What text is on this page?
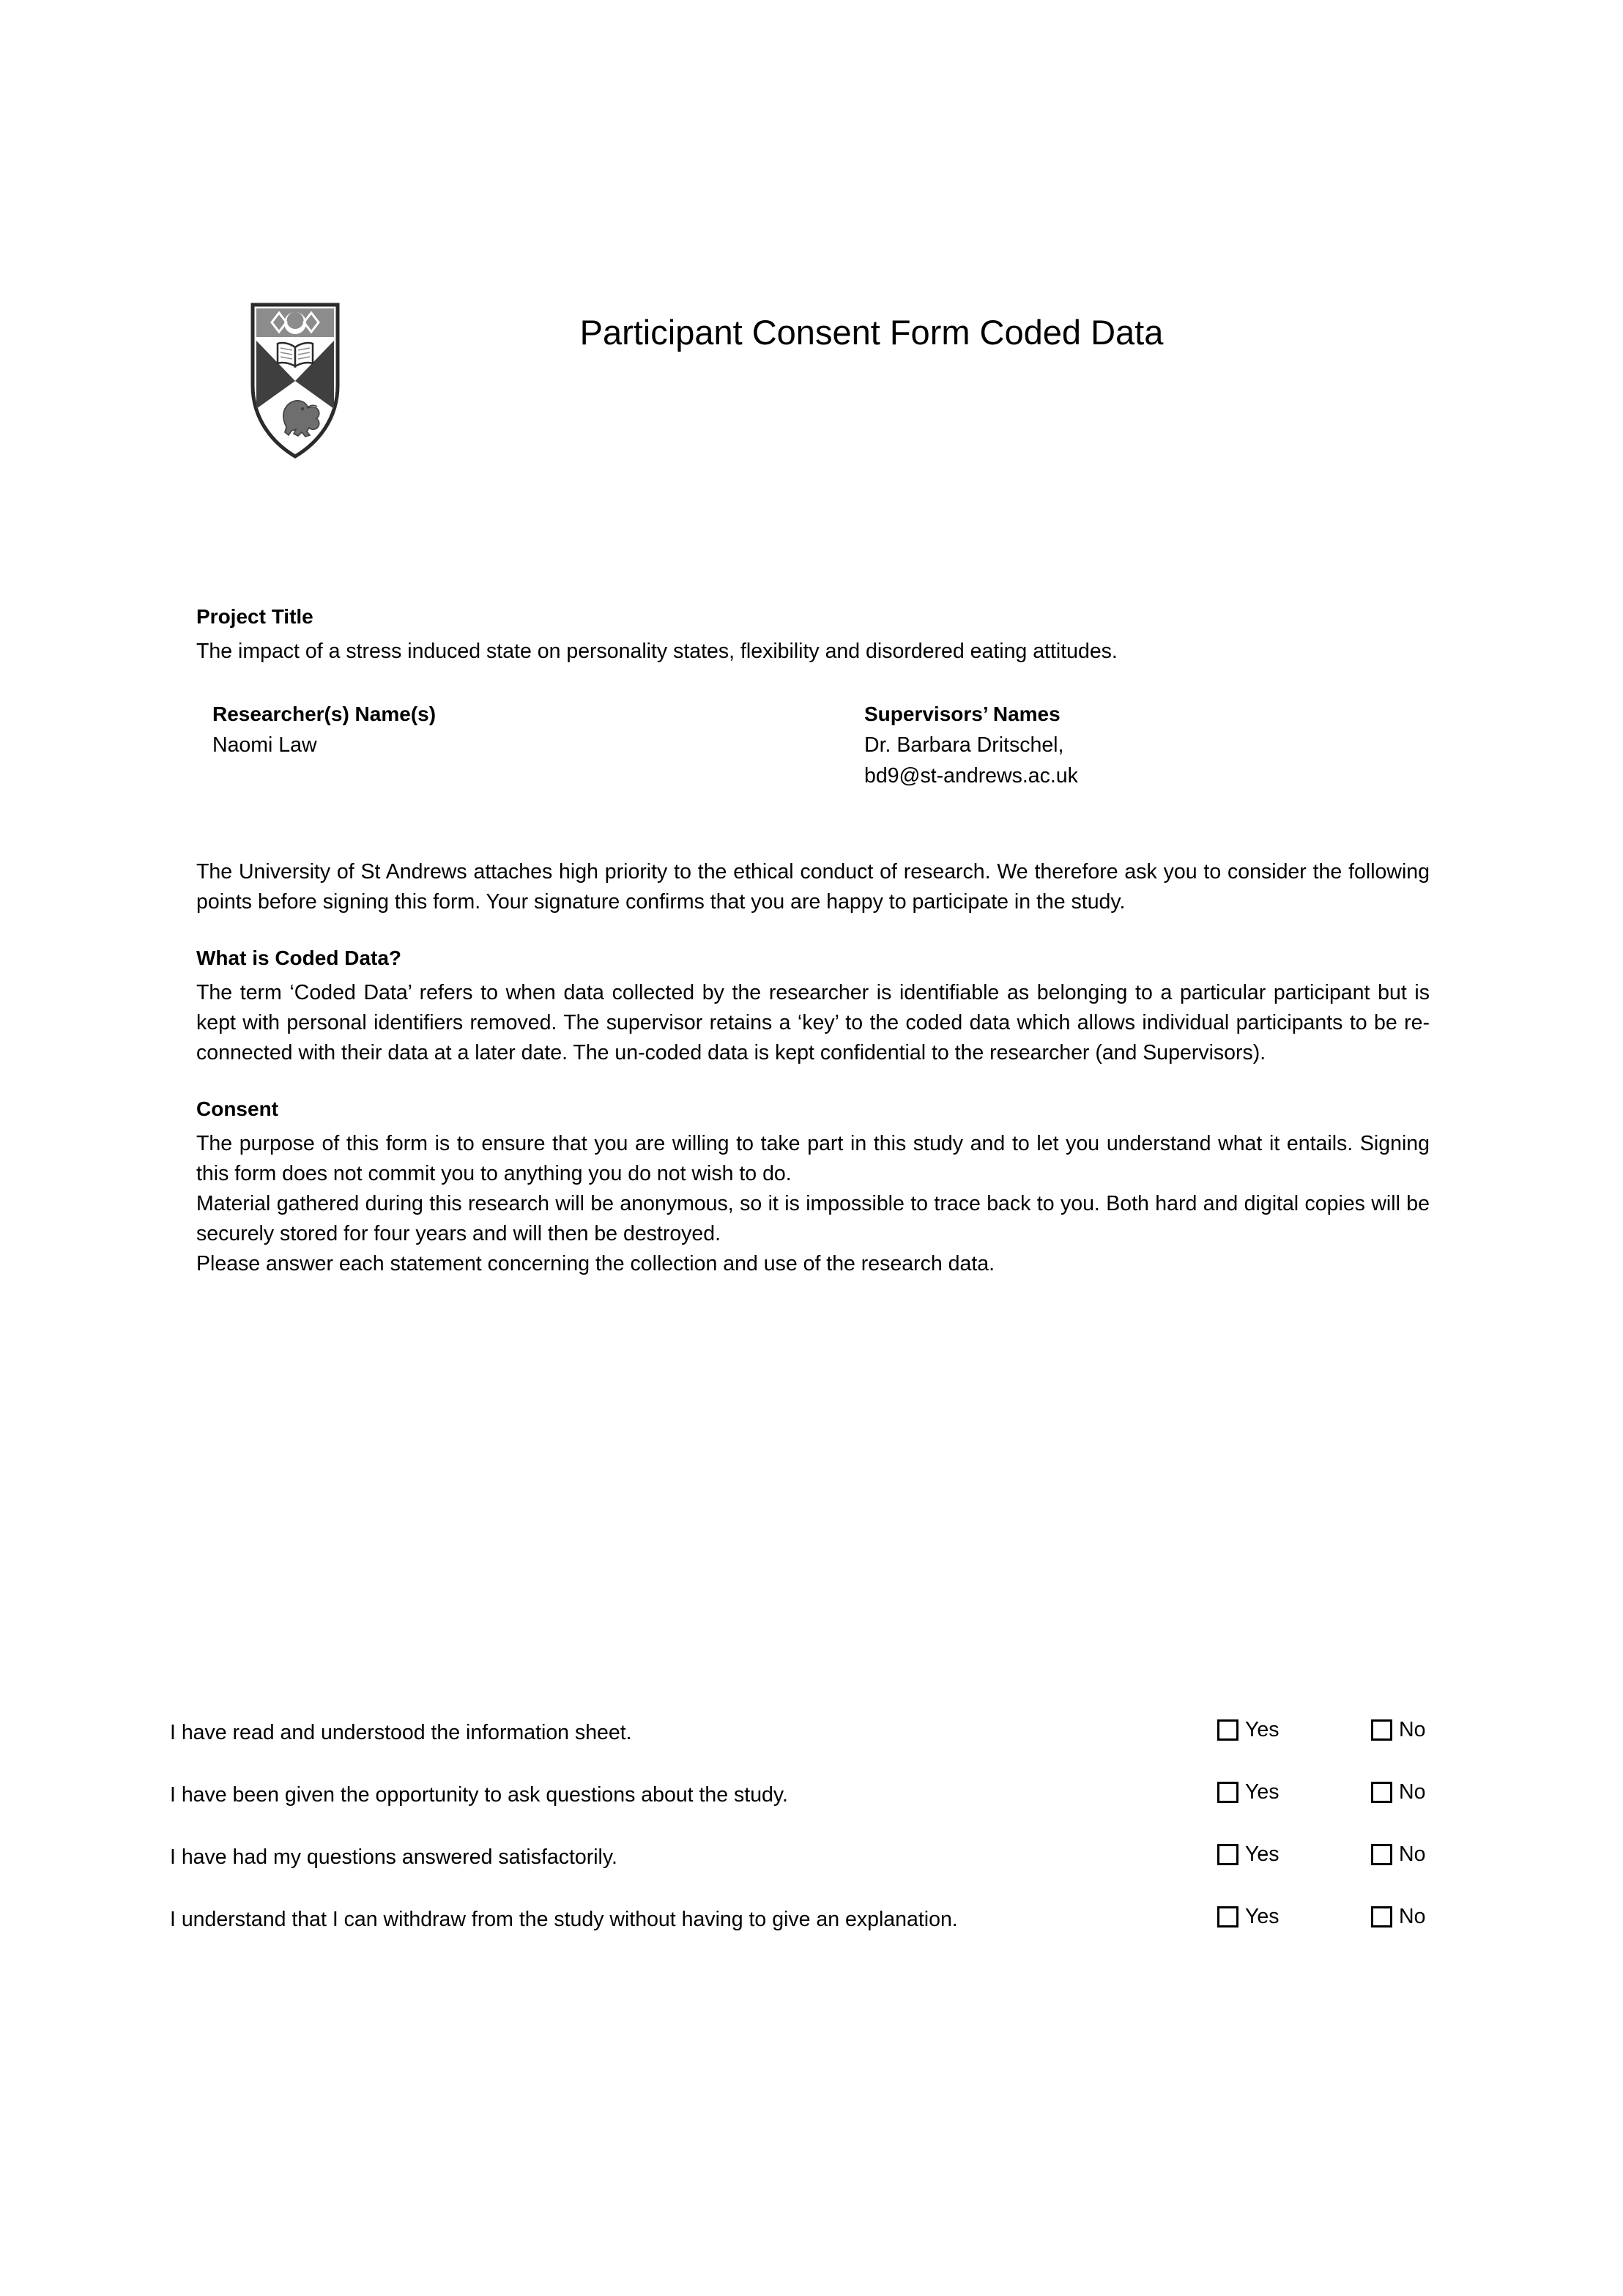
Participant Consent Form Coded Data
Project Title
The impact of a stress induced state on personality states, flexibility and disordered eating attitudes.
Researcher(s) Name(s)
Naomi Law
Supervisors’ Names
Dr. Barbara Dritschel,
bd9@st-andrews.ac.uk
The University of St Andrews attaches high priority to the ethical conduct of research. We therefore ask you to consider the following points before signing this form. Your signature confirms that you are happy to participate in the study.
What is Coded Data?
The term ‘Coded Data’ refers to when data collected by the researcher is identifiable as belonging to a particular participant but is kept with personal identifiers removed. The supervisor retains a ‘key’ to the coded data which allows individual participants to be re-connected with their data at a later date. The un-coded data is kept confidential to the researcher (and Supervisors).
Consent
The purpose of this form is to ensure that you are willing to take part in this study and to let you understand what it entails. Signing this form does not commit you to anything you do not wish to do.
Material gathered during this research will be anonymous, so it is impossible to trace back to you. Both hard and digital copies will be securely stored for four years and will then be destroyed.
Please answer each statement concerning the collection and use of the research data.
I have read and understood the information sheet.	Yes	No
I have been given the opportunity to ask questions about the study.	Yes	No
I have had my questions answered satisfactorily.	Yes	No
I understand that I can withdraw from the study without having to give an explanation.	Yes	No
